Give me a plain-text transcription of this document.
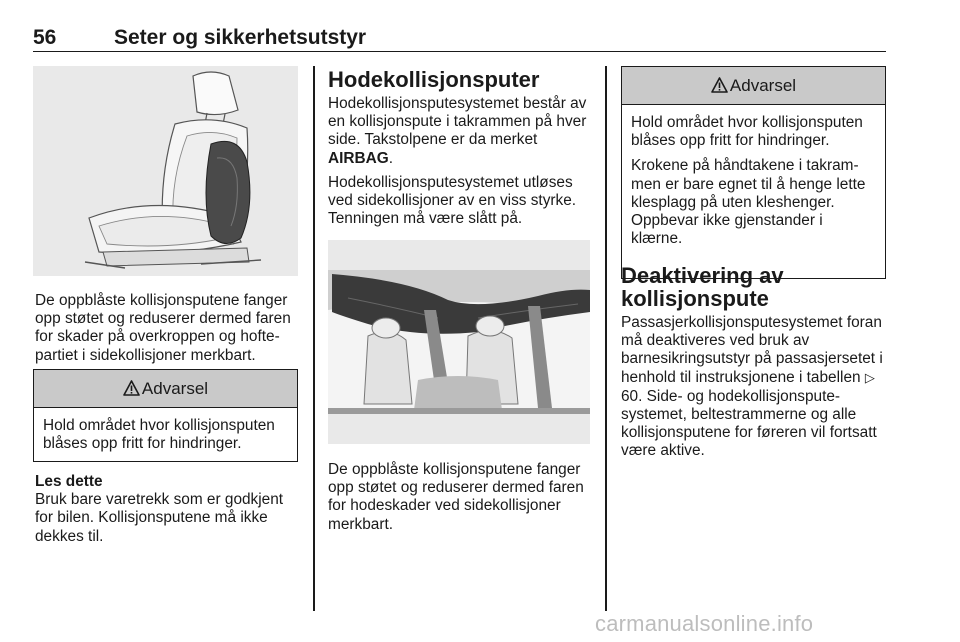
56	Seter og sikkerhetsutstyr

De oppblåste kollisjonsputene fanger opp støtet og reduserer dermed faren for skader på overkroppen og hoftepartiet i sidekollisjoner merkbart.

Advarsel

Hold området hvor kollisjonsputen blåses opp fritt for hindringer.

Les dette
Bruk bare varetrekk som er godkjent for bilen. Kollisjonsputene må ikke dekkes til.
Hodekollisjonsputer

Hodekollisjonsputesystemet består av en kollisjonspute i takrammen på hver side. Takstolpene er da merket AIRBAG.

Hodekollisjonsputesystemet utløses ved sidekollisjoner av en viss styrke. Tenningen må være slått på.

De oppblåste kollisjonsputene fanger opp støtet og reduserer dermed faren for hodeskader ved sidekollisjoner merkbart.

Advarsel

Hold området hvor kollisjonsputen blåses opp fritt for hindringer.

Krokene på håndtakene i takrammen er bare egnet til å henge lette klesplagg på uten kleshenger. Oppbevar ikke gjenstander i klærne.

Deaktivering av kollisjonspute

Passasjerkollisjonsputesystemet foran må deaktiveres ved bruk av barnesikringsutstyr på passasjersetet i henhold til instruksjonene i tabellen ▷ 60. Side- og hodekollisjonsputesystemet, beltestrammerne og alle kollisjonsputene for føreren vil fortsatt være aktive.

carmanualsonline.info
